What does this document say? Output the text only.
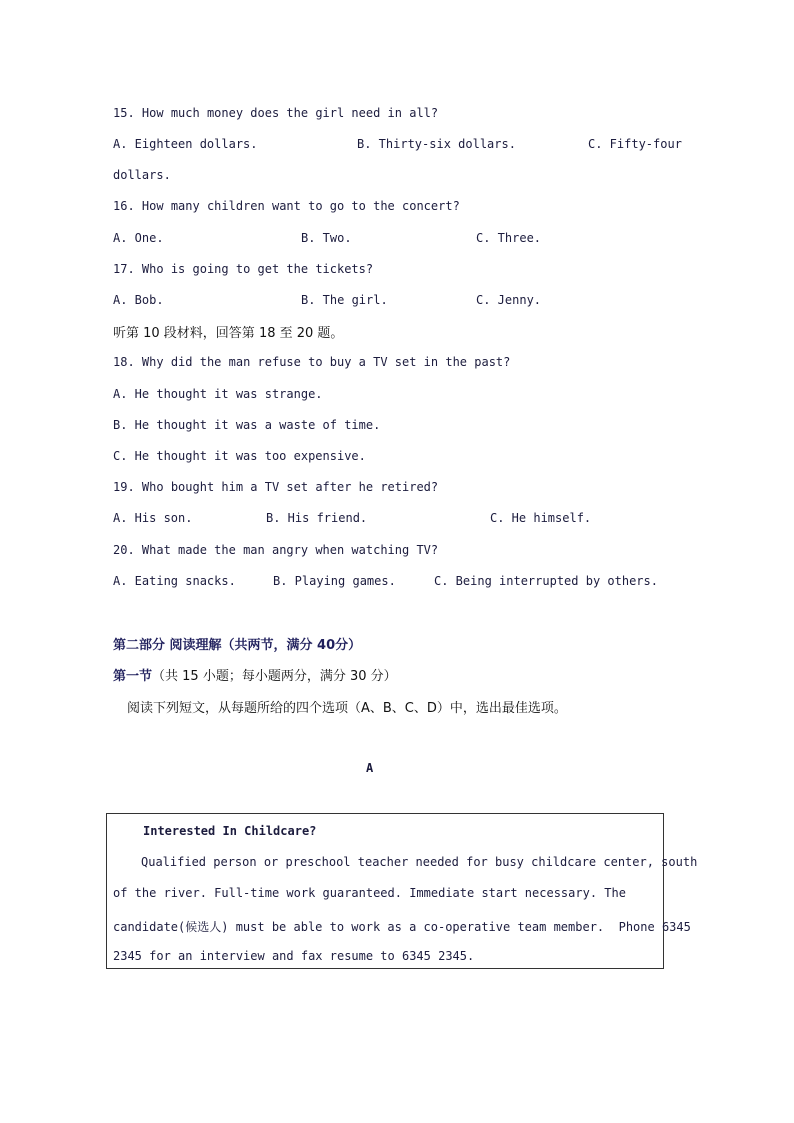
15. How much money does the girl need in all?
A. Eighteen dollars.	B. Thirty-six dollars.	C. Fifty-four
dollars.
16. How many children want to go to the concert?
A. One.	B. Two.	C. Three.
17. Who is going to get the tickets?
A. Bob.	B. The girl.	C. Jenny.
听第 10 段材料，回答第 18 至 20 题。
18. Why did the man refuse to buy a TV set in the past?
A. He thought it was strange.
B. He thought it was a waste of time.
C. He thought it was too expensive.
19. Who bought him a TV set after he retired?
A. His son.	B. His friend.	C. He himself.
20. What made the man angry when watching TV?
A. Eating snacks.	B. Playing games.	C. Being interrupted by others.
第二部分 阅读理解（共两节，满分 40分）
第一节（共 15 小题；每小题两分，满分 30 分）
阅读下列短文，从每题所给的四个选项（A、B、C、D）中，选出最佳选项。
A
Interested In Childcare?
Qualified person or preschool teacher needed for busy childcare center, south
of the river. Full-time work guaranteed. Immediate start necessary. The
candidate(候选人) must be able to work as a co-operative team member.  Phone 6345
2345 for an interview and fax resume to 6345 2345.
